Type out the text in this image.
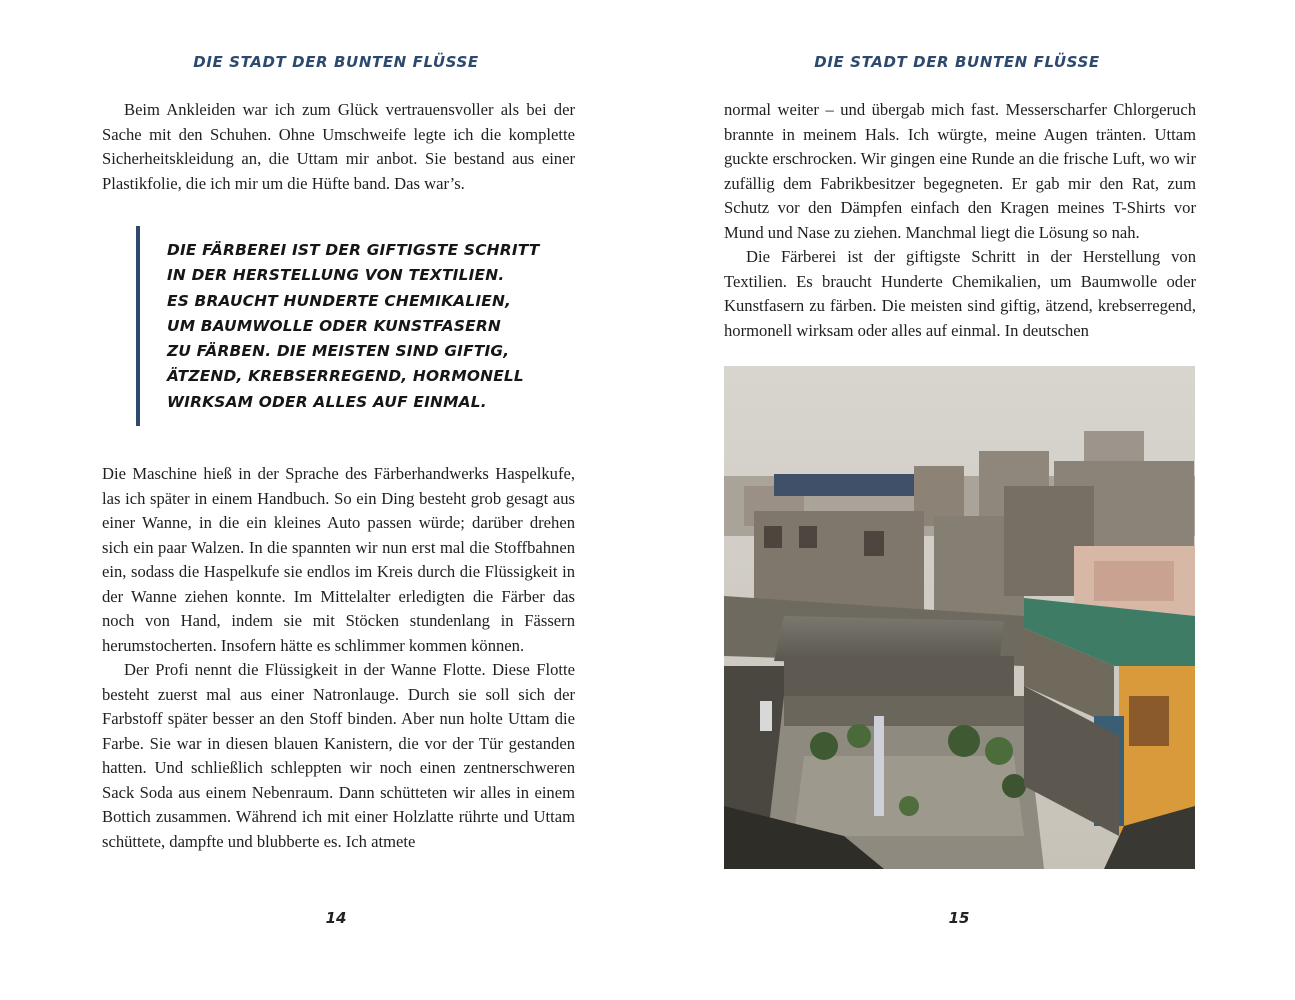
DIE STADT DER BUNTEN FLÜSSE

Beim Ankleiden war ich zum Glück vertrauensvoller als bei der Sache mit den Schuhen. Ohne Umschweife legte ich die komplette Sicherheitskleidung an, die Uttam mir anbot. Sie bestand aus einer Plastikfolie, die ich mir um die Hüfte band. Das war’s.

DIE FÄRBEREI IST DER GIFTIGSTE SCHRITT
IN DER HERSTELLUNG VON TEXTILIEN.
ES BRAUCHT HUNDERTE CHEMIKALIEN,
UM BAUMWOLLE ODER KUNSTFASERN
ZU FÄRBEN. DIE MEISTEN SIND GIFTIG,
ÄTZEND, KREBSERREGEND, HORMONELL
WIRKSAM ODER ALLES AUF EINMAL.

Die Maschine hieß in der Sprache des Färberhandwerks Haspelkufe, las ich später in einem Handbuch. So ein Ding besteht grob gesagt aus einer Wanne, in die ein kleines Auto passen würde; darüber drehen sich ein paar Walzen. In die spannten wir nun erst mal die Stoffbahnen ein, sodass die Haspelkufe sie endlos im Kreis durch die Flüssigkeit in der Wanne ziehen konnte. Im Mittelalter erledigten die Färber das noch von Hand, indem sie mit Stöcken stundenlang in Fässern herumstocherten. Insofern hätte es schlimmer kommen können.

Der Profi nennt die Flüssigkeit in der Wanne Flotte. Diese Flotte besteht zuerst mal aus einer Natronlauge. Durch sie soll sich der Farbstoff später besser an den Stoff binden. Aber nun holte Uttam die Farbe. Sie war in diesen blauen Kanistern, die vor der Tür gestanden hatten. Und schließlich schleppten wir noch einen zentnerschweren Sack Soda aus einem Nebenraum. Dann schütteten wir alles in einem Bottich zusammen. Während ich mit einer Holzlatte rührte und Uttam schüttete, dampfte und blubberte es. Ich atmete

14
DIE STADT DER BUNTEN FLÜSSE

normal weiter – und übergab mich fast. Messerscharfer Chlorgeruch brannte in meinem Hals. Ich würgte, meine Augen tränten. Uttam guckte erschrocken. Wir gingen eine Runde an die frische Luft, wo wir zufällig dem Fabrikbesitzer begegneten. Er gab mir den Rat, zum Schutz vor den Dämpfen einfach den Kragen meines T-Shirts vor Mund und Nase zu ziehen. Manchmal liegt die Lösung so nah.

Die Färberei ist der giftigste Schritt in der Herstellung von Textilien. Es braucht Hunderte Chemikalien, um Baumwolle oder Kunstfasern zu färben. Die meisten sind giftig, ätzend, krebserregend, hormonell wirksam oder alles auf einmal. In deutschen

15
